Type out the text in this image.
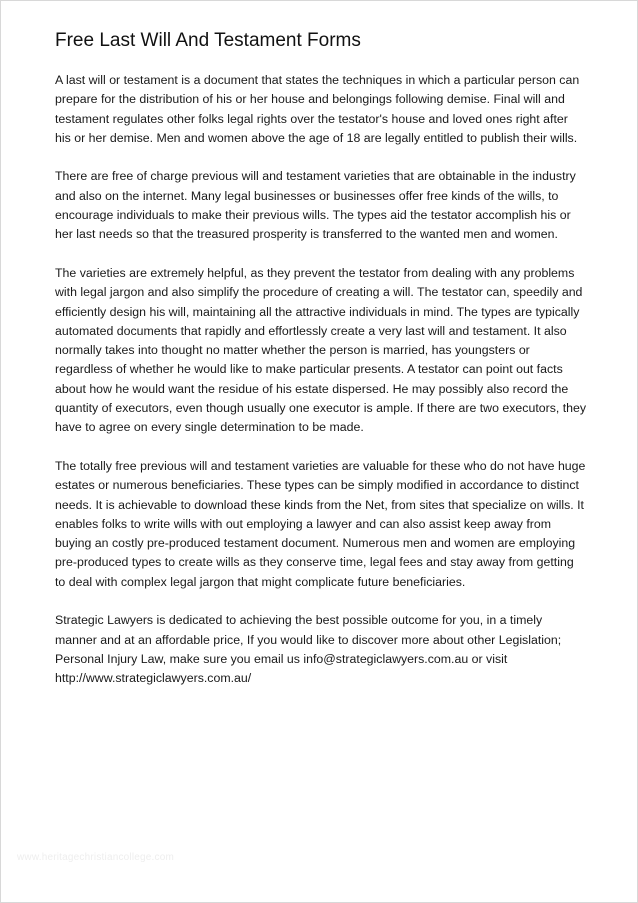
Free Last Will And Testament Forms

A last will or testament is a document that states the techniques in which a particular person can prepare for the distribution of his or her house and belongings following demise. Final will and testament regulates other folks legal rights over the testator's house and loved ones right after his or her demise. Men and women above the age of 18 are legally entitled to publish their wills.

There are free of charge previous will and testament varieties that are obtainable in the industry and also on the internet. Many legal businesses or businesses offer free kinds of the wills, to encourage individuals to make their previous wills. The types aid the testator accomplish his or her last needs so that the treasured prosperity is transferred to the wanted men and women.

The varieties are extremely helpful, as they prevent the testator from dealing with any problems with legal jargon and also simplify the procedure of creating a will. The testator can, speedily and efficiently design his will, maintaining all the attractive individuals in mind. The types are typically automated documents that rapidly and effortlessly create a very last will and testament. It also normally takes into thought no matter whether the person is married, has youngsters or regardless of whether he would like to make particular presents. A testator can point out facts about how he would want the residue of his estate dispersed. He may possibly also record the quantity of executors, even though usually one executor is ample. If there are two executors, they have to agree on every single determination to be made.

The totally free previous will and testament varieties are valuable for these who do not have huge estates or numerous beneficiaries. These types can be simply modified in accordance to distinct needs. It is achievable to download these kinds from the Net, from sites that specialize on wills. It enables folks to write wills with out employing a lawyer and can also assist keep away from buying an costly pre-produced testament document. Numerous men and women are employing pre-produced types to create wills as they conserve time, legal fees and stay away from getting to deal with complex legal jargon that might complicate future beneficiaries.

Strategic Lawyers is dedicated to achieving the best possible outcome for you, in a timely manner and at an affordable price, If you would like to discover more about other Legislation; Personal Injury Law, make sure you email us info@strategiclawyers.com.au or visit http://www.strategiclawyers.com.au/

www.heritagechristiancollege.com
